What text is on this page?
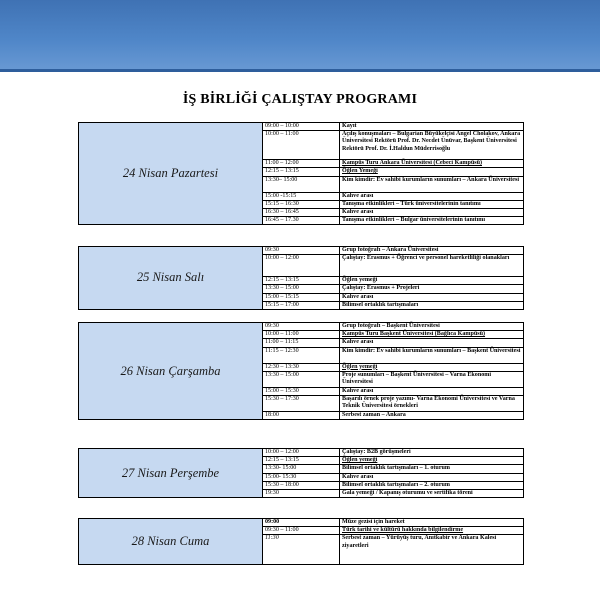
İŞ BİRLİĞİ ÇALIŞTAY PROGRAMI
24 Nisan Pazartesi	09:00 – 10:00	Kayıt
	10:00 – 11:00	Açılış konuşmaları – Bulgarian Büyükelçisi Angel Cholakov, Ankara Üniversitesi Rektörü Prof. Dr. Necdet Ünüvar, Başkent Üniversitesi Rektörü Prof. Dr. İ.Haldun Müderrisoğlu
	11:00 – 12:00	Kampüs Turu Ankara Üniversitesi (Cebeci Kampüsü)
	12:15 – 13:15	Öğlen Yemeği
	13:30– 15:00	Kim kimdir: Ev sahibi kurumların sunumları – Ankara Üniversitesi
	15:00 -15:15	Kahve arası
	15:15 – 16:30	Tanışma etkinlikleri – Türk üniversitelerinin tanıtımı
	16:30 – 16:45	Kahve arası
	16:45 – 17.30	Tanışma etkinlikleri – Bulgar üniversitelerinin tanıtımı
25 Nisan Salı	09:30	Grup fotoğrafı – Ankara Üniversitesi
	10:00 – 12:00	Çalıştay: Erasmus + Öğrenci ve personel hareketliliği olanakları
	12:15 – 13:15	Öğlen yemeği
	13:30 – 15:00	Çalıştay: Erasmus + Projeleri
	15:00 – 15:15	Kahve arası
	15:15 – 17:00	Bilimsel ortaklık tartışmaları
26 Nisan Çarşamba	09:30	Grup fotoğrafı – Başkent Üniversitesi
	10:00 – 11:00	Kampüs Turu Başkent Üniversitesi (Bağlıca Kampüsü)
	11:00 – 11:15	Kahve arası
	11:15 – 12:30	Kim kimdir: Ev sahibi kurumların sunumları – Başkent Üniversitesi
	12:30 – 13:30	Öğlen yemeği
	13:30 – 15:00	Proje sunumları – Başkent Üniversitesi – Varna Ekonomi Üniversitesi
	15:00 – 15:30	Kahve arası
	15:30 – 17:30	Başarılı örnek proje yazımı- Varna Ekonomi Üniversitesi ve Varna Teknik Üniversitesi örnekleri
	18:00	Serbest zaman – Ankara
27 Nisan Perşembe	10:00 – 12:00	Çalıştay: B2B görüşmeleri
	12:15 – 13:15	Öğlen yemeği
	13:30- 15:00	Bilimsel ortaklık tartışmaları – 1. oturum
	15:00- 15:30	Kahve arası
	15:30 – 18:00	Bilimsel ortaklık tartışmaları – 2. oturum
	19:30	Gala yemeği / Kapanış oturumu ve sertifika töreni
28 Nisan Cuma	09:00	Müze gezisi için hareket
	09:30 – 11:00	Türk tarihi ve kültürü hakkında bilgilendirme
	11:30	Serbest zaman – Yürüyüş turu, Anıtkabir ve Ankara Kalesi ziyaretleri
